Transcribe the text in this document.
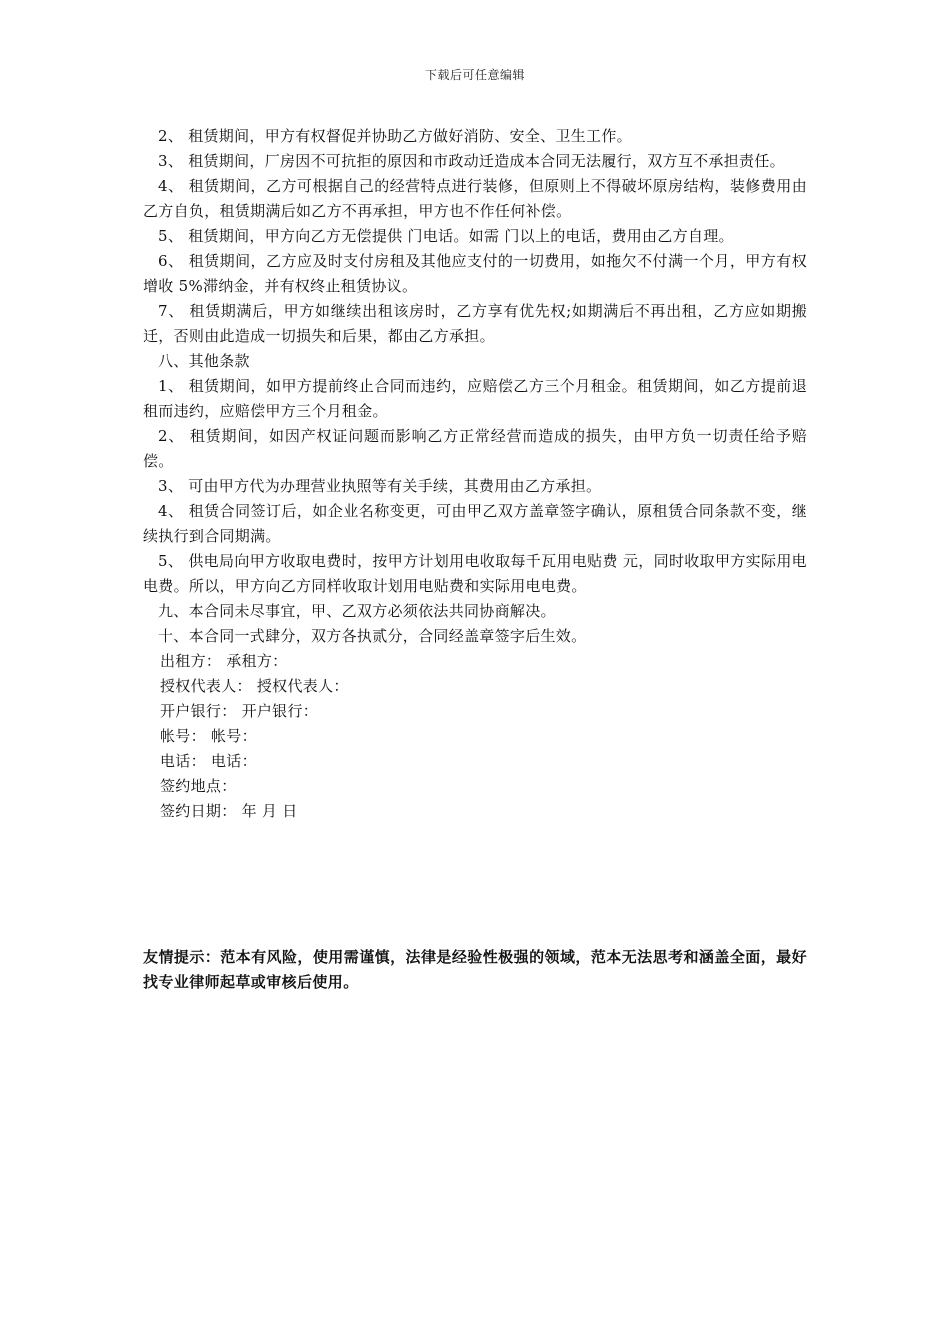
下载后可任意编辑

2、 租赁期间，甲方有权督促并协助乙方做好消防、安全、卫生工作。

3、 租赁期间，厂房因不可抗拒的原因和市政动迁造成本合同无法履行，双方互不承担责任。

4、 租赁期间，乙方可根据自己的经营特点进行装修，但原则上不得破坏原房结构，装修费用由乙方自负，租赁期满后如乙方不再承担，甲方也不作任何补偿。

5、 租赁期间，甲方向乙方无偿提供 门电话。如需 门以上的电话，费用由乙方自理。

6、 租赁期间，乙方应及时支付房租及其他应支付的一切费用，如拖欠不付满一个月，甲方有权增收 5%滞纳金，并有权终止租赁协议。

7、 租赁期满后，甲方如继续出租该房时，乙方享有优先权;如期满后不再出租，乙方应如期搬迁，否则由此造成一切损失和后果，都由乙方承担。

八、其他条款

1、 租赁期间，如甲方提前终止合同而违约，应赔偿乙方三个月租金。租赁期间，如乙方提前退租而违约，应赔偿甲方三个月租金。

2、 租赁期间，如因产权证问题而影响乙方正常经营而造成的损失，由甲方负一切责任给予赔偿。

3、 可由甲方代为办理营业执照等有关手续，其费用由乙方承担。

4、 租赁合同签订后，如企业名称变更，可由甲乙双方盖章签字确认，原租赁合同条款不变，继续执行到合同期满。

5、 供电局向甲方收取电费时，按甲方计划用电收取每千瓦用电贴费 元，同时收取甲方实际用电电费。所以，甲方向乙方同样收取计划用电贴费和实际用电电费。

九、本合同未尽事宜，甲、乙双方必须依法共同协商解决。

十、本合同一式肆分，双方各执贰分，合同经盖章签字后生效。

出租方： 承租方：

授权代表人： 授权代表人：

开户银行： 开户银行：

帐号： 帐号：

电话： 电话：

签约地点：

签约日期： 年 月 日

友情提示：范本有风险，使用需谨慎，法律是经验性极强的领域，范本无法思考和涵盖全面，最好找专业律师起草或审核后使用。
